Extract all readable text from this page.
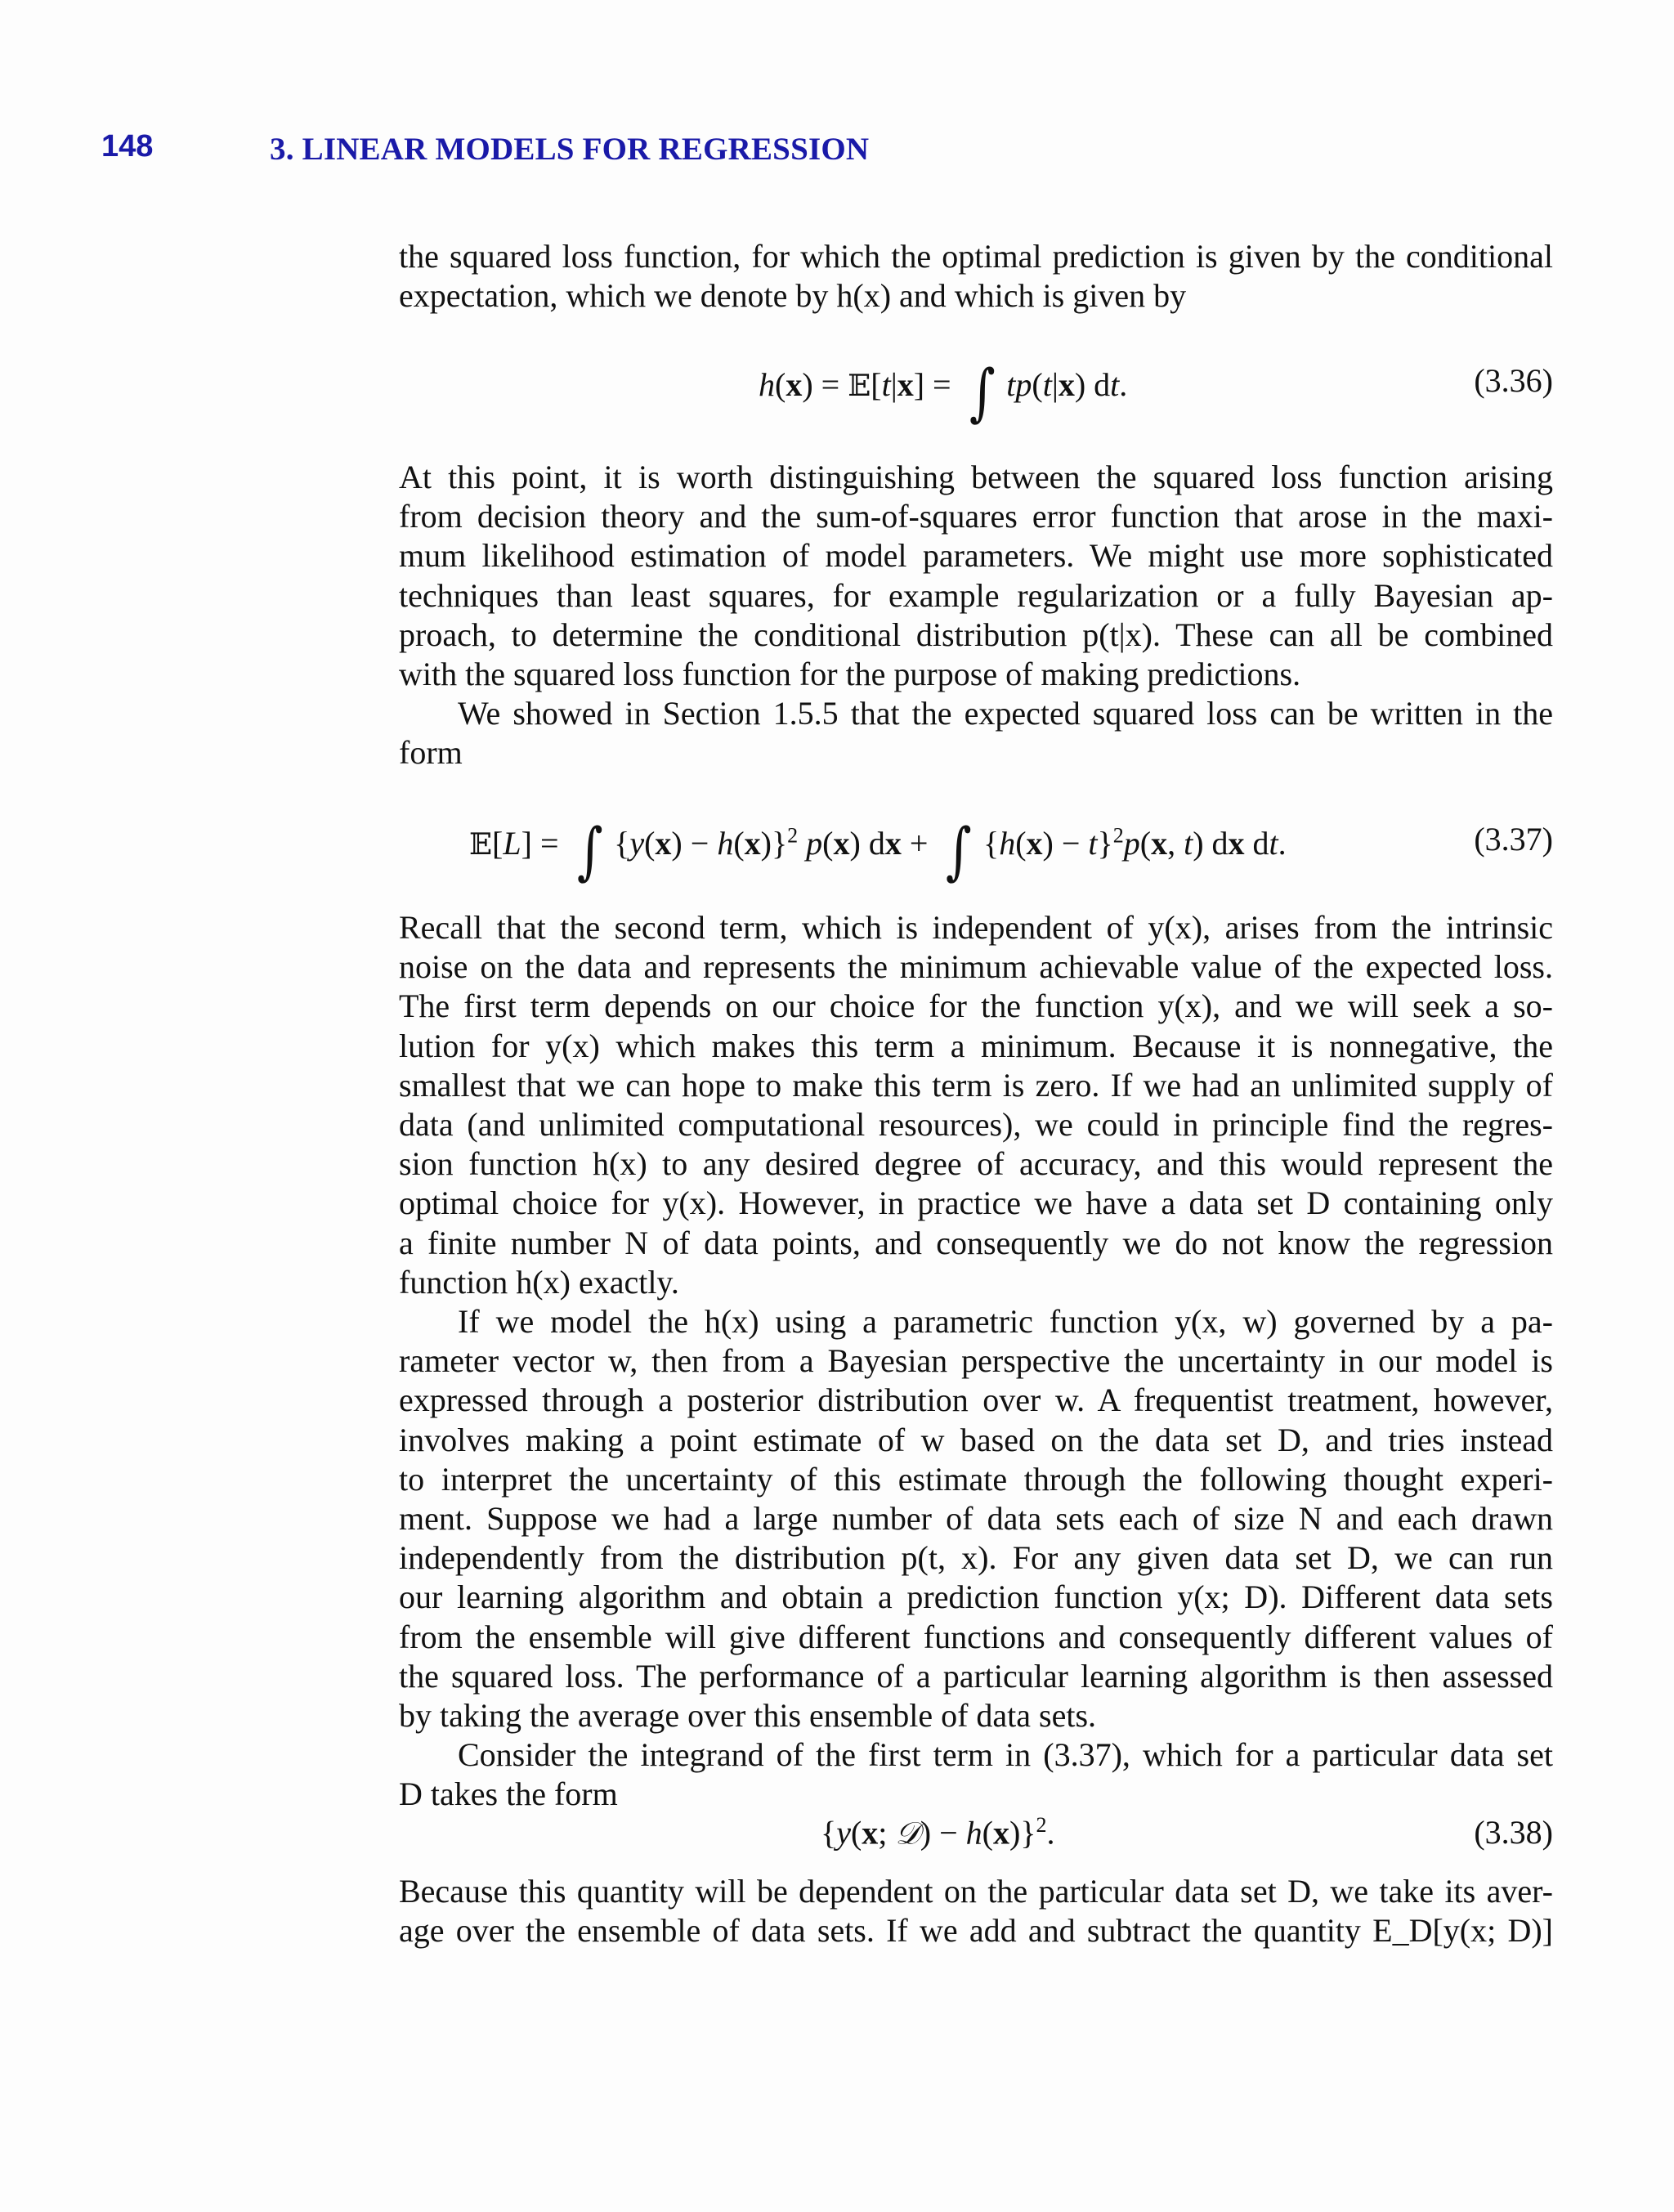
148	3. LINEAR MODELS FOR REGRESSION

the squared loss function, for which the optimal prediction is given by the conditional
expectation, which we denote by h(x) and which is given by

h(x) = 𝔼[t|x] = ∫ tp(t|x) dt.	(3.36)

At this point, it is worth distinguishing between the squared loss function arising
from decision theory and the sum-of-squares error function that arose in the maxi-
mum likelihood estimation of model parameters. We might use more sophisticated
techniques than least squares, for example regularization or a fully Bayesian ap-
proach, to determine the conditional distribution p(t|x). These can all be combined
with the squared loss function for the purpose of making predictions.

We showed in Section 1.5.5 that the expected squared loss can be written in the
form

𝔼[L] = ∫ $\{y(x) - h(x)\}^2$ p(x) dx + ∫ $\{h(x) - t\}^2p(x$, t) dx dt.	(3.37)

Recall that the second term, which is independent of y(x), arises from the intrinsic
noise on the data and represents the minimum achievable value of the expected loss.
The first term depends on our choice for the function y(x), and we will seek a so-
lution for y(x) which makes this term a minimum. Because it is nonnegative, the
smallest that we can hope to make this term is zero. If we had an unlimited supply of
data (and unlimited computational resources), we could in principle find the regres-
sion function h(x) to any desired degree of accuracy, and this would represent the
optimal choice for y(x). However, in practice we have a data set D containing only
a finite number N of data points, and consequently we do not know the regression
function h(x) exactly.

If we model the h(x) using a parametric function y(x, w) governed by a pa-
rameter vector w, then from a Bayesian perspective the uncertainty in our model is
expressed through a posterior distribution over w. A frequentist treatment, however,
involves making a point estimate of w based on the data set D, and tries instead
to interpret the uncertainty of this estimate through the following thought experi-
ment. Suppose we had a large number of data sets each of size N and each drawn
independently from the distribution p(t, x). For any given data set D, we can run
our learning algorithm and obtain a prediction function y(x; D). Different data sets
from the ensemble will give different functions and consequently different values of
the squared loss. The performance of a particular learning algorithm is then assessed
by taking the average over this ensemble of data sets.

Consider the integrand of the first term in (3.37), which for a particular data set
D takes the form

{y(x; 𝒟) − h(x)}$^2$.	(3.38)

Because this quantity will be dependent on the particular data set D, we take its aver-
age over the ensemble of data sets. If we add and subtract the quantity E_D[y(x; D)]
